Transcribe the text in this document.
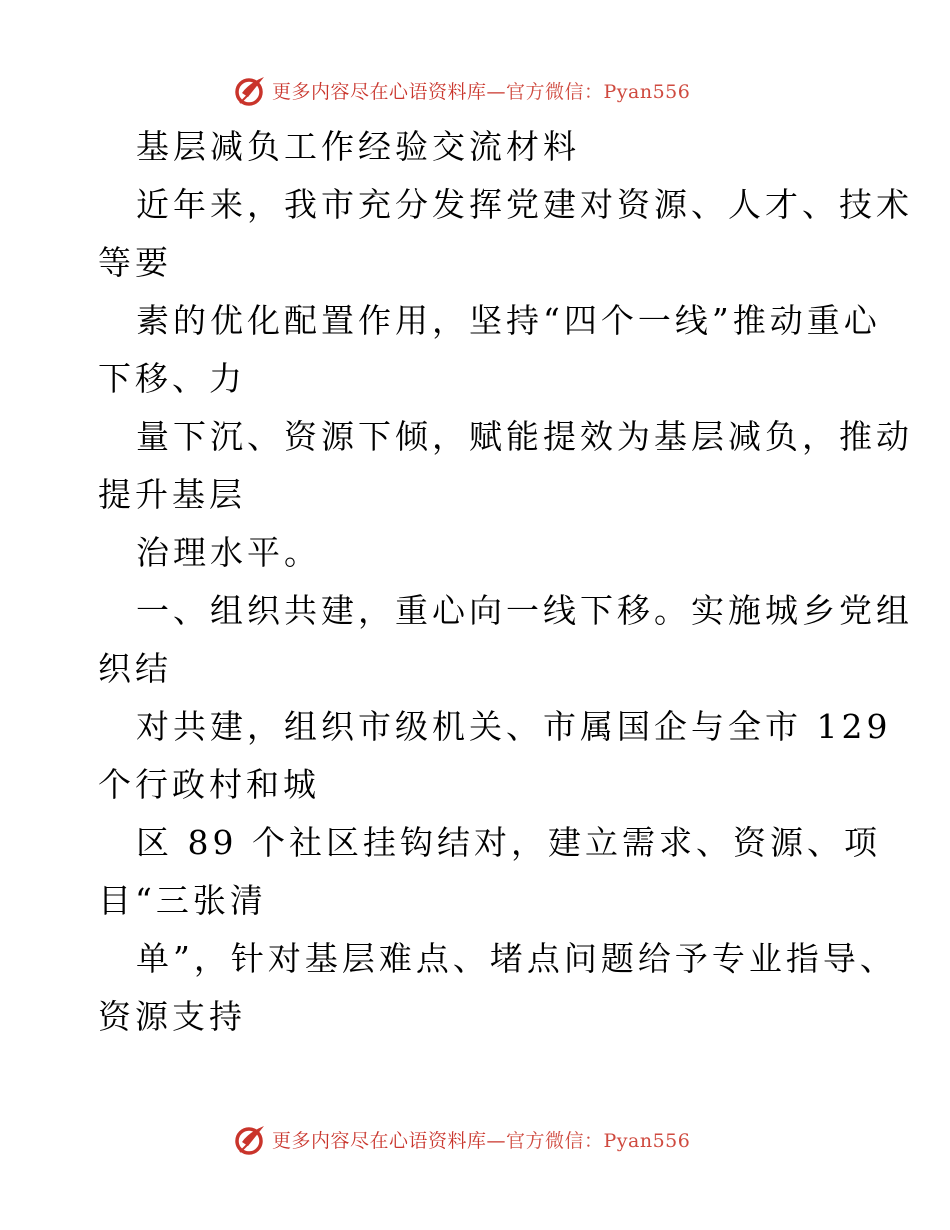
更多内容尽在心语资料库—官方微信：Pyan556
基层减负工作经验交流材料
近年来，我市充分发挥党建对资源、人才、技术
等要
素的优化配置作用，坚持“四个一线”推动重心
下移、力
量下沉、资源下倾，赋能提效为基层减负，推动
提升基层
治理水平。
一、组织共建，重心向一线下移。实施城乡党组
织结
对共建，组织市级机关、市属国企与全市 129
个行政村和城
区 89 个社区挂钩结对，建立需求、资源、项
目“三张清
单”，针对基层难点、堵点问题给予专业指导、
资源支持
更多内容尽在心语资料库—官方微信：Pyan556
